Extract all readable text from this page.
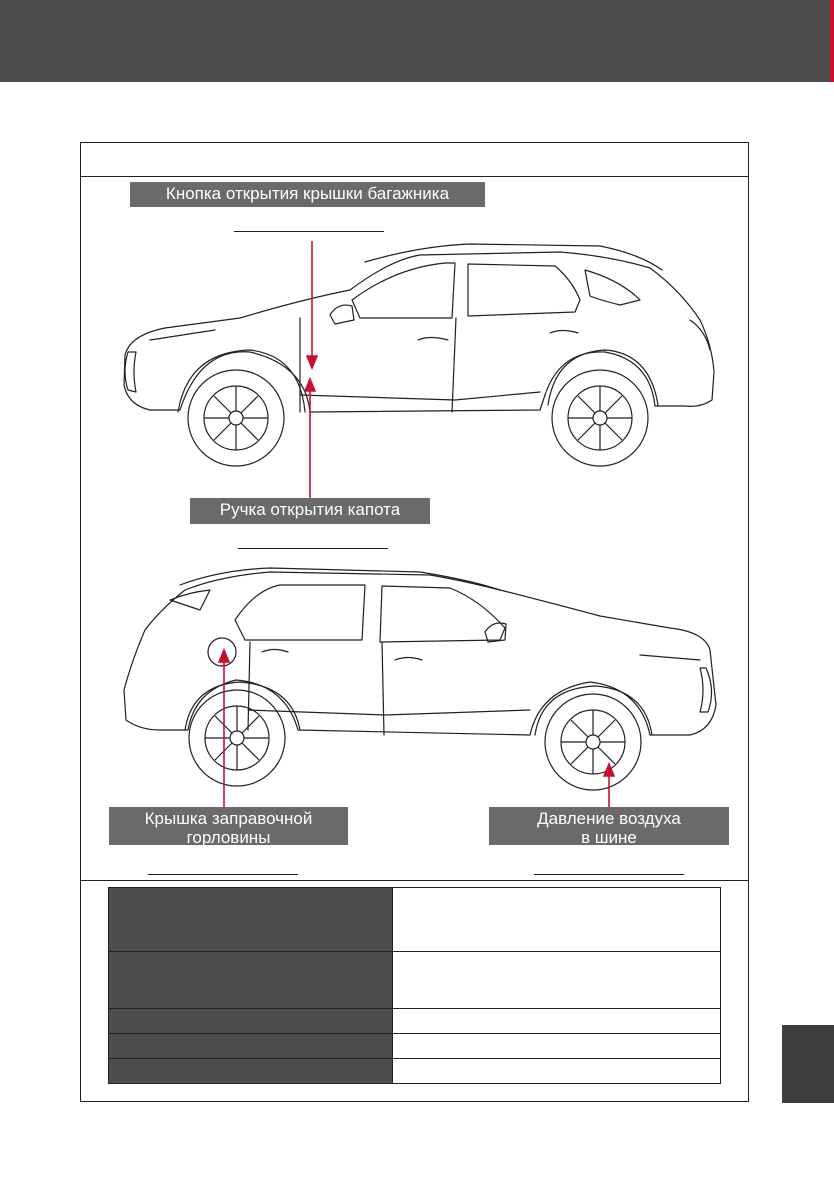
Кнопка открытия крышки багажника
Ручка открытия капота
Крышка заправочной
горловины
Давление воздуха
в шине
